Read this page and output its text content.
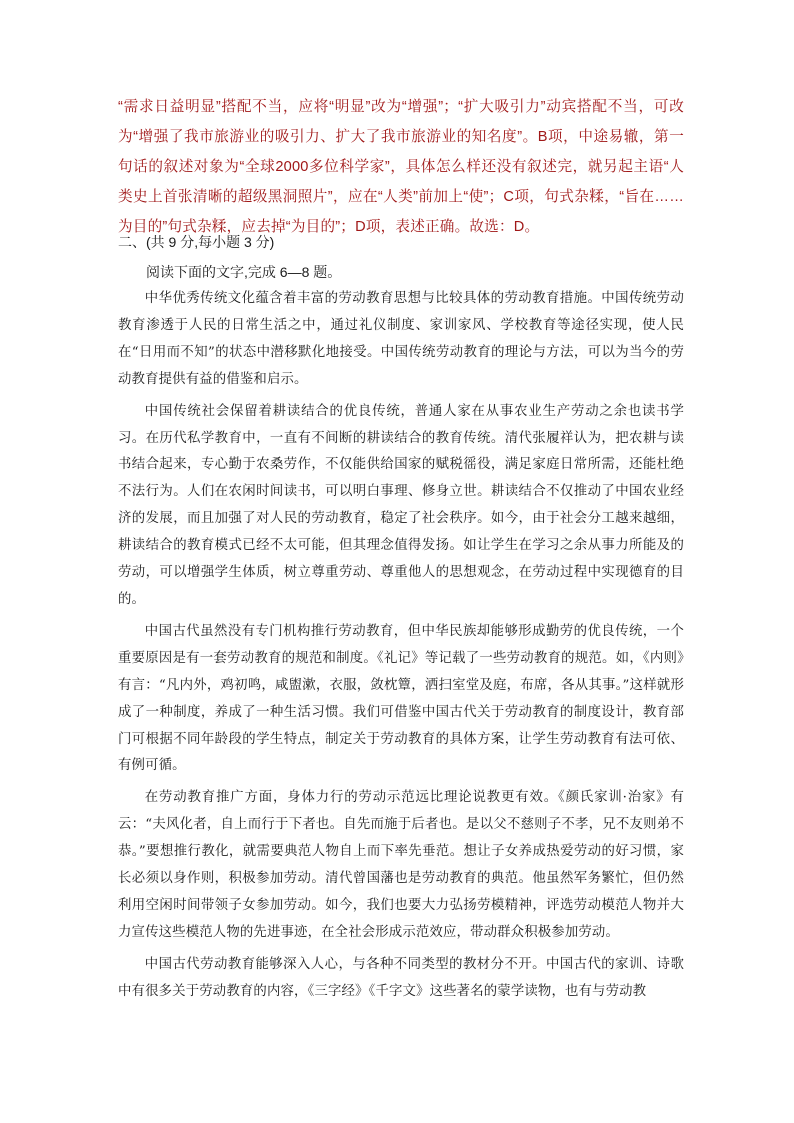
“需求日益明显”搭配不当，应将“明显”改为“增强”；“扩大吸引力”动宾搭配不当，可改为“增强了我市旅游业的吸引力、扩大了我市旅游业的知名度”。B项，中途易辙，第一句话的叙述对象为“全球2000多位科学家”，具体怎么样还没有叙述完，就另起主语“人类史上首张清晰的超级黑洞照片”，应在“人类”前加上“使”；C项，句式杂糅，“旨在……为目的”句式杂糅，应去掉“为目的”；D项，表述正确。故选：D。
二、(共 9 分,每小题 3 分)
阅读下面的文字,完成 6—8 题。

中华优秀传统文化蕴含着丰富的劳动教育思想与比较具体的劳动教育措施。中国传统劳动教育渗透于人民的日常生活之中，通过礼仪制度、家训家风、学校教育等途径实现，使人民在“日用而不知”的状态中潜移默化地接受。中国传统劳动教育的理论与方法，可以为当今的劳动教育提供有益的借鉴和启示。

中国传统社会保留着耕读结合的优良传统，普通人家在从事农业生产劳动之余也读书学习。在历代私学教育中，一直有不间断的耕读结合的教育传统。清代张履祥认为，把农耕与读书结合起来，专心勤于农桑劳作，不仅能供给国家的赋税徭役，满足家庭日常所需，还能杜绝不法行为。人们在农闲时间读书，可以明白事理、修身立世。耕读结合不仅推动了中国农业经济的发展，而且加强了对人民的劳动教育，稳定了社会秩序。如今，由于社会分工越来越细，耕读结合的教育模式已经不太可能，但其理念值得发扬。如让学生在学习之余从事力所能及的劳动，可以增强学生体质，树立尊重劳动、尊重他人的思想观念，在劳动过程中实现德育的目的。

中国古代虽然没有专门机构推行劳动教育，但中华民族却能够形成勤劳的优良传统，一个重要原因是有一套劳动教育的规范和制度。《礼记》等记载了一些劳动教育的规范。如，《内则》有言：“凡内外，鸡初鸣，咸盥漱，衣服，敛枕簟，洒扫室堂及庭，布席，各从其事。”这样就形成了一种制度，养成了一种生活习惯。我们可借鉴中国古代关于劳动教育的制度设计，教育部门可根据不同年龄段的学生特点，制定关于劳动教育的具体方案，让学生劳动教育有法可依、有例可循。

在劳动教育推广方面，身体力行的劳动示范远比理论说教更有效。《颜氏家训·治家》有云：“夫风化者，自上而行于下者也。自先而施于后者也。是以父不慈则子不孝，兄不友则弟不恭。”要想推行教化，就需要典范人物自上而下率先垂范。想让子女养成热爱劳动的好习惯，家长必须以身作则，积极参加劳动。清代曾国藩也是劳动教育的典范。他虽然军务繁忙，但仍然利用空闲时间带领子女参加劳动。如今，我们也要大力弘扬劳模精神，评选劳动模范人物并大力宣传这些模范人物的先进事迹，在全社会形成示范效应，带动群众积极参加劳动。

中国古代劳动教育能够深入人心，与各种不同类型的教材分不开。中国古代的家训、诗歌中有很多关于劳动教育的内容，《三字经》《千字文》这些著名的蒙学读物，也有与劳动教
